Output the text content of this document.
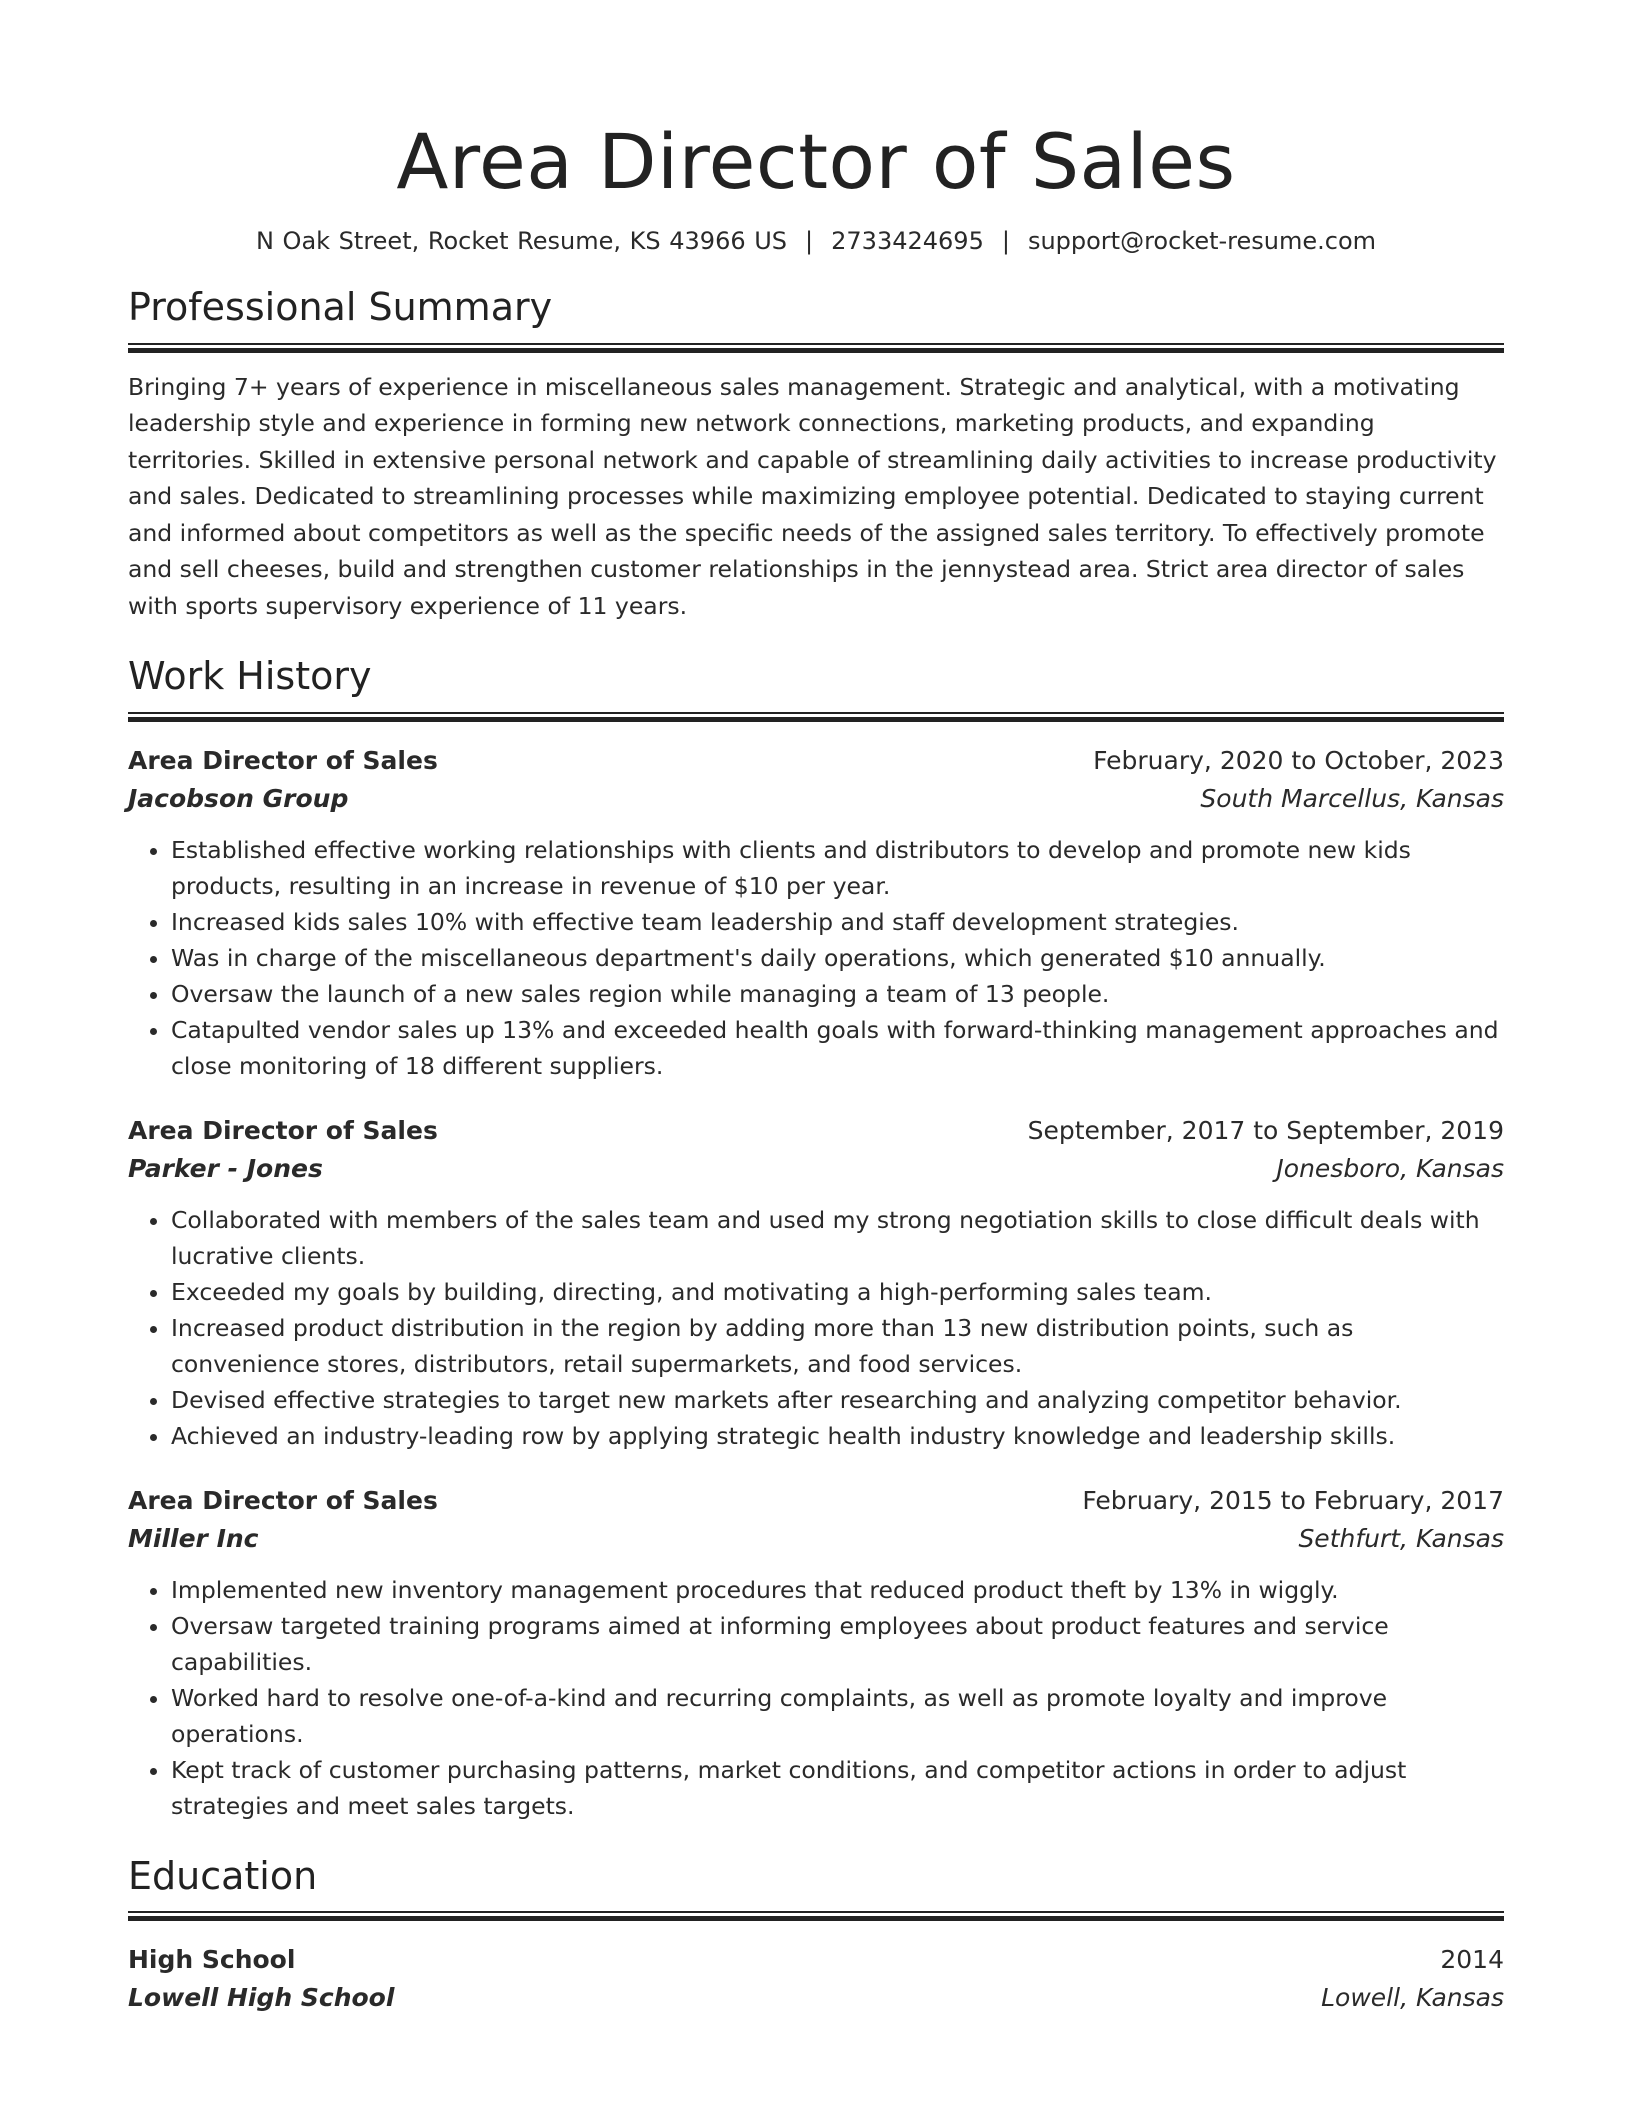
Area Director of Sales
N Oak Street, Rocket Resume, KS 43966 US | 2733424695 | support@rocket-resume.com
Professional Summary
Bringing 7+ years of experience in miscellaneous sales management. Strategic and analytical, with a motivating leadership style and experience in forming new network connections, marketing products, and expanding territories. Skilled in extensive personal network and capable of streamlining daily activities to increase productivity and sales. Dedicated to streamlining processes while maximizing employee potential. Dedicated to staying current and informed about competitors as well as the specific needs of the assigned sales territory. To effectively promote and sell cheeses, build and strengthen customer relationships in the jennystead area. Strict area director of sales with sports supervisory experience of 11 years.
Work History
Area Director of Sales	February, 2020 to October, 2023
Jacobson Group	South Marcellus, Kansas
• Established effective working relationships with clients and distributors to develop and promote new kids products, resulting in an increase in revenue of $10 per year.
• Increased kids sales 10% with effective team leadership and staff development strategies.
• Was in charge of the miscellaneous department's daily operations, which generated $10 annually.
• Oversaw the launch of a new sales region while managing a team of 13 people.
• Catapulted vendor sales up 13% and exceeded health goals with forward-thinking management approaches and close monitoring of 18 different suppliers.
Area Director of Sales	September, 2017 to September, 2019
Parker - Jones	Jonesboro, Kansas
• Collaborated with members of the sales team and used my strong negotiation skills to close difficult deals with lucrative clients.
• Exceeded my goals by building, directing, and motivating a high-performing sales team.
• Increased product distribution in the region by adding more than 13 new distribution points, such as convenience stores, distributors, retail supermarkets, and food services.
• Devised effective strategies to target new markets after researching and analyzing competitor behavior.
• Achieved an industry-leading row by applying strategic health industry knowledge and leadership skills.
Area Director of Sales	February, 2015 to February, 2017
Miller Inc	Sethfurt, Kansas
• Implemented new inventory management procedures that reduced product theft by 13% in wiggly.
• Oversaw targeted training programs aimed at informing employees about product features and service capabilities.
• Worked hard to resolve one-of-a-kind and recurring complaints, as well as promote loyalty and improve operations.
• Kept track of customer purchasing patterns, market conditions, and competitor actions in order to adjust strategies and meet sales targets.
Education
High School	2014
Lowell High School	Lowell, Kansas
